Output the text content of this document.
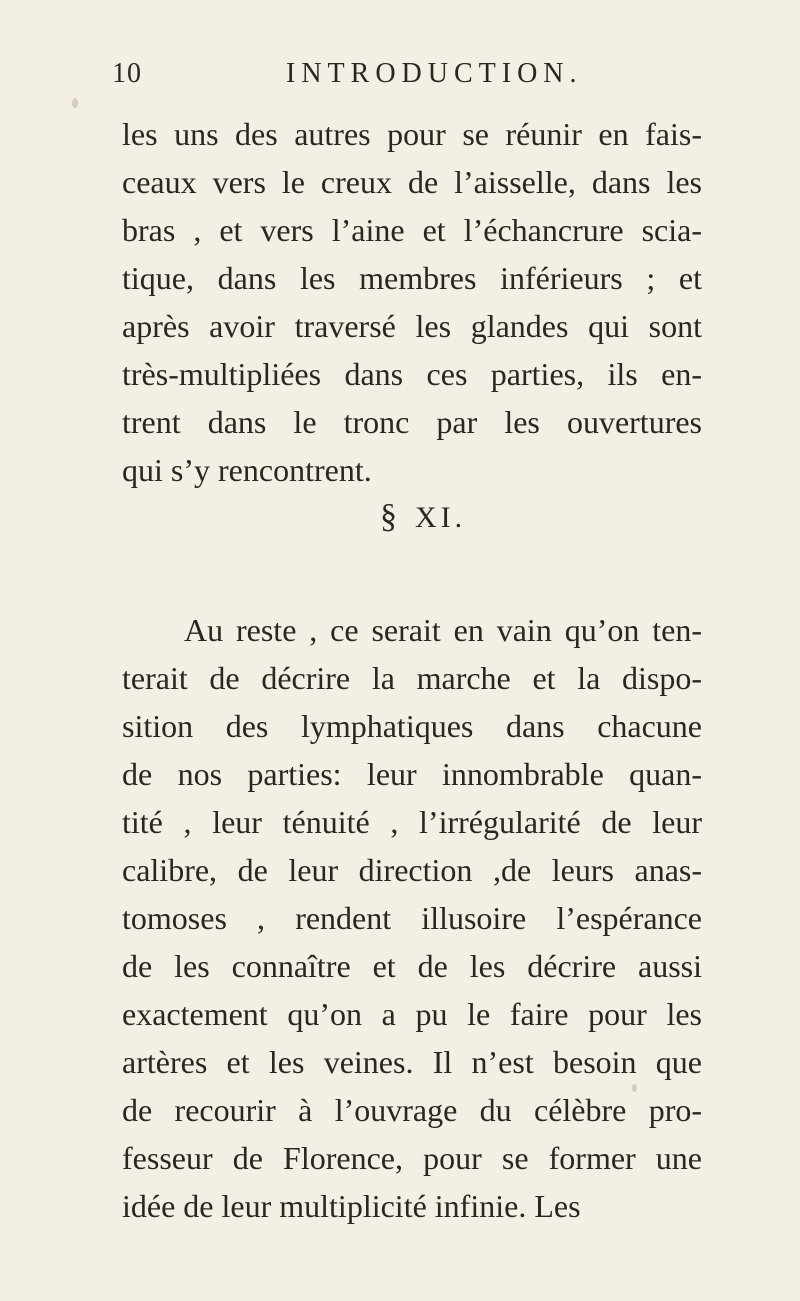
10	INTRODUCTION.
les uns des autres pour se réunir en fais-
ceaux vers le creux de l’aisselle, dans les
bras , et vers l’aine et l’échancrure scia-
tique, dans les membres inférieurs ; et
après avoir traversé les glandes qui sont
très-multipliées dans ces parties, ils en-
trent dans le tronc par les ouvertures
qui s’y rencontrent.
§ XI.
Au reste , ce serait en vain qu’on ten-
terait de décrire la marche et la dispo-
sition des lymphatiques dans chacune
de nos parties: leur innombrable quan-
tité , leur ténuité , l’irrégularité de leur
calibre, de leur direction ,de leurs anas-
tomoses , rendent illusoire l’espérance
de les connaître et de les décrire aussi
exactement qu’on a pu le faire pour les
artères et les veines. Il n’est besoin que
de recourir à l’ouvrage du célèbre pro-
fesseur de Florence, pour se former une
idée de leur multiplicité infinie. Les
